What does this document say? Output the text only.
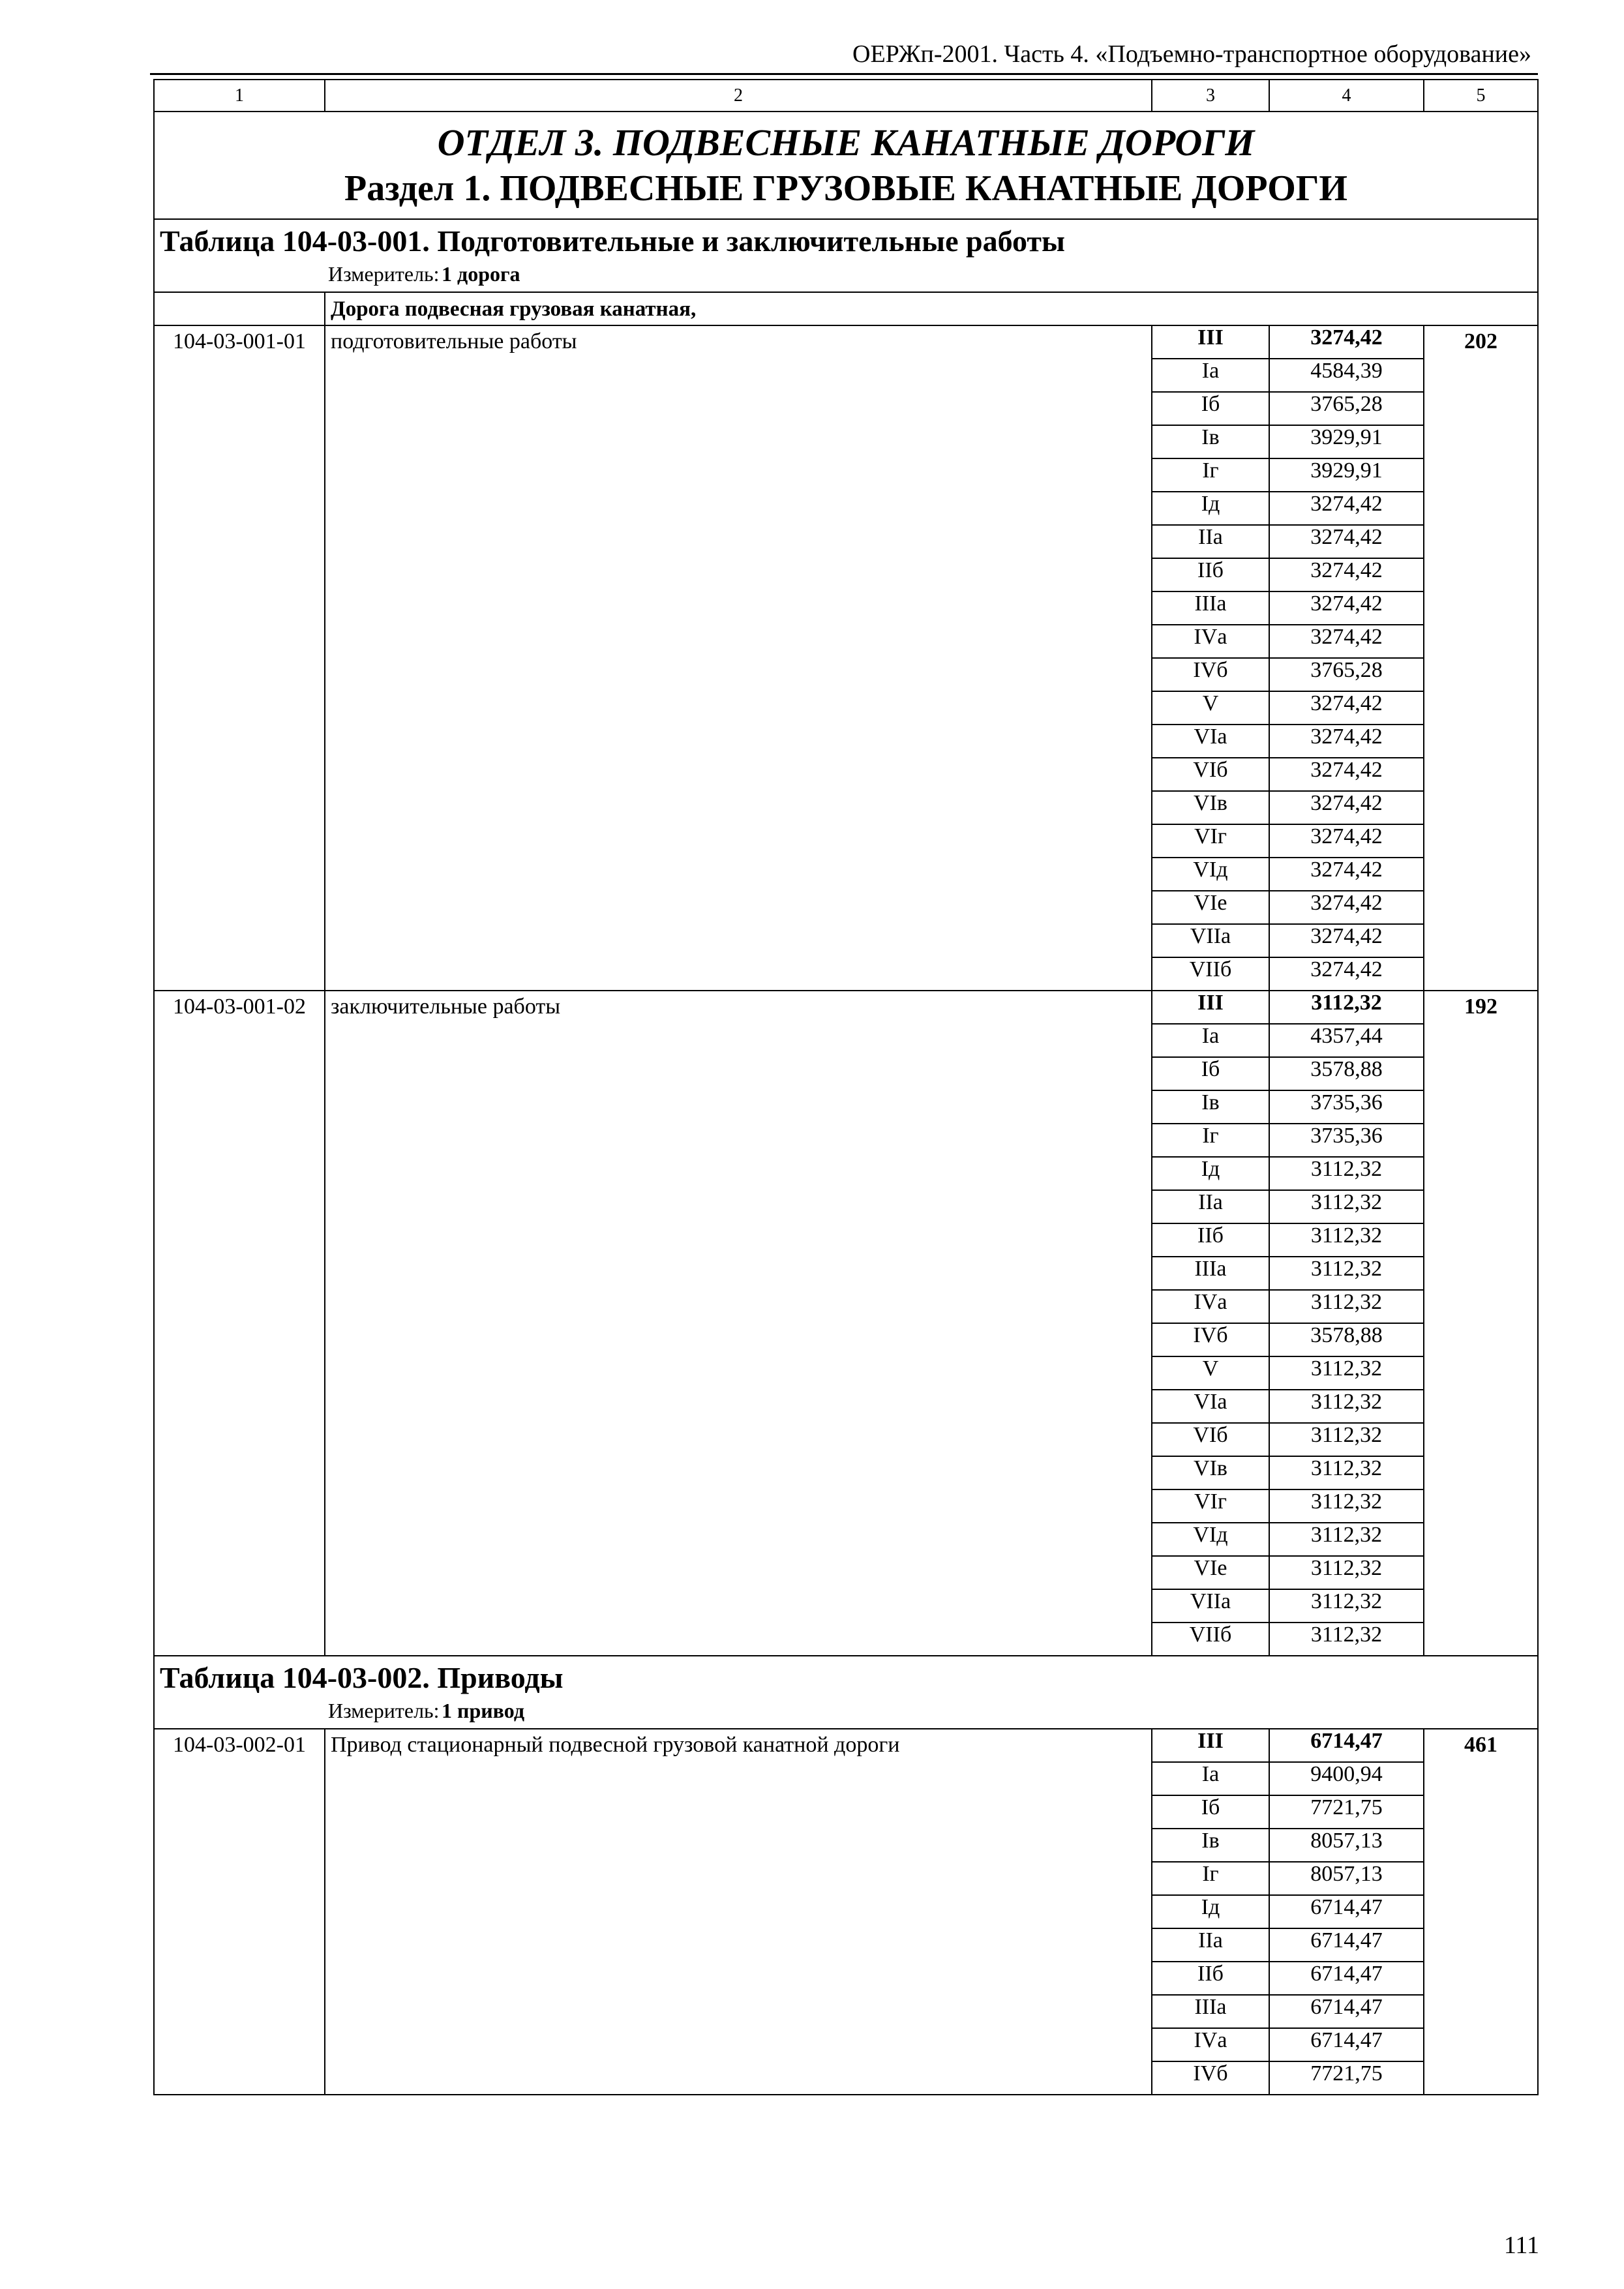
ОЕРЖп-2001. Часть 4. «Подъемно-транспортное оборудование»
1	2	3	4	5

ОТДЕЛ 3. ПОДВЕСНЫЕ КАНАТНЫЕ ДОРОГИ
Раздел 1. ПОДВЕСНЫЕ ГРУЗОВЫЕ КАНАТНЫЕ ДОРОГИ				

Таблица 104-03-001. Подготовительные и заключительные работы
Измеритель: 1 дорога				

	Дорога подвесная грузовая канатная,			
104-03-001-01	подготовительные работы	III	3274,42	202
		Iа	4584,39	
		Iб	3765,28	
		Iв	3929,91	
		Iг	3929,91	
		Iд	3274,42	
		IIа	3274,42	
		IIб	3274,42	
		IIIа	3274,42	
		IVа	3274,42	
		IVб	3765,28	
		V	3274,42	
		VIа	3274,42	
		VIб	3274,42	
		VIв	3274,42	
		VIг	3274,42	
		VIд	3274,42	
		VIе	3274,42	
		VIIа	3274,42	
		VIIб	3274,42	
104-03-001-02	заключительные работы	III	3112,32	192
		Iа	4357,44	
		Iб	3578,88	
		Iв	3735,36	
		Iг	3735,36	
		Iд	3112,32	
		IIа	3112,32	
		IIб	3112,32	
		IIIа	3112,32	
		IVа	3112,32	
		IVб	3578,88	
		V	3112,32	
		VIа	3112,32	
		VIб	3112,32	
		VIв	3112,32	
		VIг	3112,32	
		VIд	3112,32	
		VIе	3112,32	
		VIIа	3112,32	
		VIIб	3112,32	

Таблица 104-03-002. Приводы
Измеритель: 1 привод				

104-03-002-01	Привод стационарный подвесной грузовой канатной дороги	III	6714,47	461
		Iа	9400,94	
		Iб	7721,75	
		Iв	8057,13	
		Iг	8057,13	
		Iд	6714,47	
		IIа	6714,47	
		IIб	6714,47	
		IIIа	6714,47	
		IVа	6714,47	
		IVб	7721,75	
111
